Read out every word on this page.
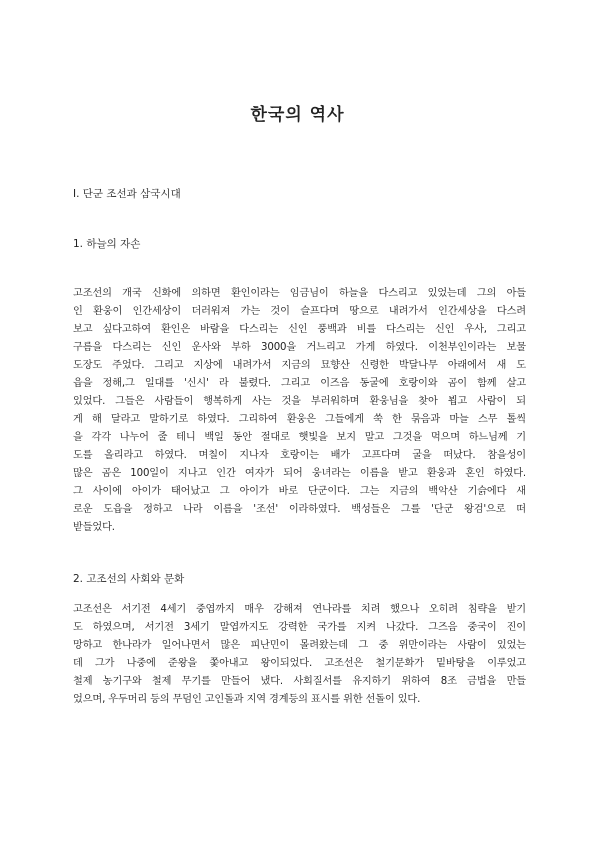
한국의 역사
Ⅰ. 단군 조선과 삼국시대
1. 하늘의 자손
고조선의 개국 신화에 의하면 환인이라는 임금님이 하늘을 다스리고 있었는데 그의 아들
인 환웅이 인간세상이 더러워져 가는 것이 슬프다며 땅으로 내려가서 인간세상을 다스려
보고 싶다고하여 환인은 바람을 다스리는 신인 풍백과 비를 다스리는 신인 우사, 그리고
구름을 다스리는 신인 운사와 부하 3000을 거느리고 가게 하였다. 이천부인이라는 보물
도장도 주었다. 그리고 지상에 내려가서 지금의 묘향산 신령한 박달나무 아래에서 새 도
읍을 정해,그 일대를 '신시' 라 불렸다. 그리고 이즈음 동굴에 호랑이와 곰이 함께 살고
있었다. 그들은 사람들이 행복하게 사는 것을 부러워하며 환웅님을 찾아 뵙고 사람이 되
게 해 달라고 말하기로 하였다. 그리하여 환웅은 그들에게 쑥 한 묶음과 마늘 스무 톨씩
을 각각 나누어 줄 테니 백일 동안 절대로 햇빛을 보지 말고 그것을 먹으며 하느님께 기
도를 올리라고 하였다. 며칠이 지나자 호랑이는 배가 고프다며 굴을 떠났다. 참을성이
많은 곰은 100일이 지나고 인간 여자가 되어 웅녀라는 이름을 받고 환웅과 혼인 하였다.
그 사이에 아이가 태어났고 그 아이가 바로 단군이다. 그는 지금의 백악산 기슭에다 새
로운 도읍을 정하고 나라 이름을 '조선' 이라하였다. 백성들은 그를 '단군 왕검'으로 떠
받들었다.
2. 고조선의 사회와 문화
고조선은 서기전 4세기 중엽까지 매우 강해져 연나라를 치려 했으나 오히려 침략을 받기
도 하였으며, 서기전 3세기 말엽까지도 강력한 국가를 지켜 나갔다. 그즈음 중국이 진이
망하고 한나라가 일어나면서 많은 피난민이 몰려왔는데 그 중 위만이라는 사람이 있었는
데 그가 나중에 준왕을 쫓아내고 왕이되었다. 고조선은 철기문화가 밑바탕을 이루었고
철제 농기구와 철제 무기를 만들어 냈다. 사회질서를 유지하기 위하여 8조 금법을 만들
었으며, 우두머리 등의 무덤인 고인돌과 지역 경계등의 표시를 위한 선돌이 있다.
